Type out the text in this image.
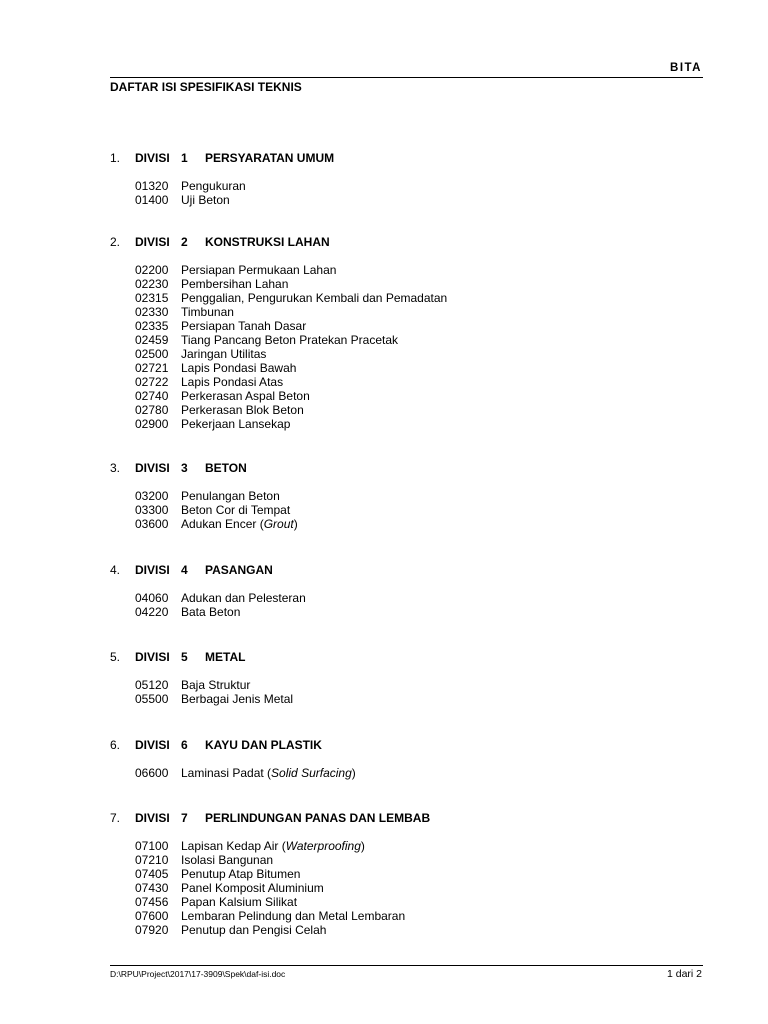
BITA
DAFTAR ISI SPESIFIKASI TEKNIS
1. DIVISI 1 PERSYARATAN UMUM
01320 Pengukuran
01400 Uji Beton
2. DIVISI 2 KONSTRUKSI LAHAN
02200 Persiapan Permukaan Lahan
02230 Pembersihan Lahan
02315 Penggalian, Pengurukan Kembali dan Pemadatan
02330 Timbunan
02335 Persiapan Tanah Dasar
02459 Tiang Pancang Beton Pratekan Pracetak
02500 Jaringan Utilitas
02721 Lapis Pondasi Bawah
02722 Lapis Pondasi Atas
02740 Perkerasan Aspal Beton
02780 Perkerasan Blok Beton
02900 Pekerjaan Lansekap
3. DIVISI 3 BETON
03200 Penulangan Beton
03300 Beton Cor di Tempat
03600 Adukan Encer (Grout)
4. DIVISI 4 PASANGAN
04060 Adukan dan Pelesteran
04220 Bata Beton
5. DIVISI 5 METAL
05120 Baja Struktur
05500 Berbagai Jenis Metal
6. DIVISI 6 KAYU DAN PLASTIK
06600 Laminasi Padat (Solid Surfacing)
7. DIVISI 7 PERLINDUNGAN PANAS DAN LEMBAB
07100 Lapisan Kedap Air (Waterproofing)
07210 Isolasi Bangunan
07405 Penutup Atap Bitumen
07430 Panel Komposit Aluminium
07456 Papan Kalsium Silikat
07600 Lembaran Pelindung dan Metal Lembaran
07920 Penutup dan Pengisi Celah
D:\RPU\Project\2017\17-3909\Spek\daf-isi.doc	1 dari 2
